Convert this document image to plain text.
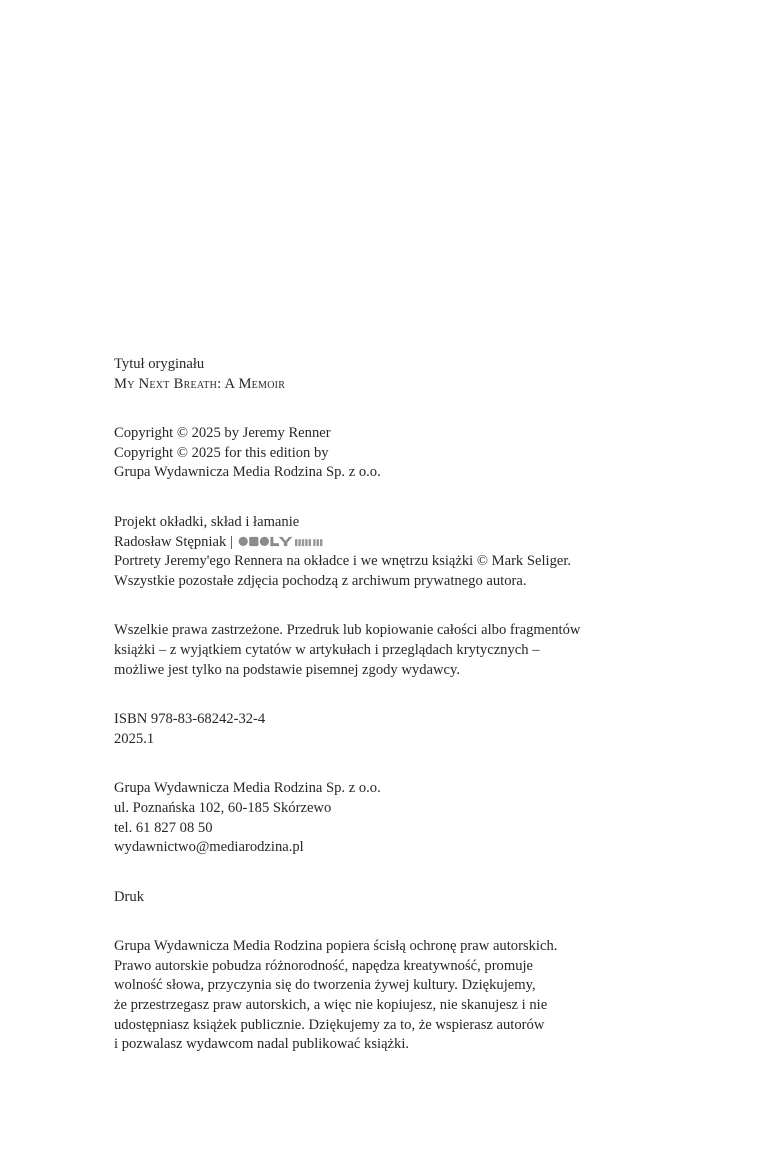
Tytuł oryginału
My Next Breath: A Memoir
Copyright © 2025 by Jeremy Renner
Copyright © 2025 for this edition by
Grupa Wydawnicza Media Rodzina Sp. z o.o.
Projekt okładki, skład i łamanie
Radosław Stępniak |
Portrety Jeremy'ego Rennera na okładce i we wnętrzu książki © Mark Seliger.
Wszystkie pozostałe zdjęcia pochodzą z archiwum prywatnego autora.
Wszelkie prawa zastrzeżone. Przedruk lub kopiowanie całości albo fragmentów
książki – z wyjątkiem cytatów w artykułach i przeglądach krytycznych –
możliwe jest tylko na podstawie pisemnej zgody wydawcy.
ISBN 978-83-68242-32-4
2025.1
Grupa Wydawnicza Media Rodzina Sp. z o.o.
ul. Poznańska 102, 60-185 Skórzewo
tel. 61 827 08 50
wydawnictwo@mediarodzina.pl
Druk
Grupa Wydawnicza Media Rodzina popiera ścisłą ochronę praw autorskich.
Prawo autorskie pobudza różnorodność, napędza kreatywność, promuje
wolność słowa, przyczynia się do tworzenia żywej kultury. Dziękujemy,
że przestrzegasz praw autorskich, a więc nie kopiujesz, nie skanujesz i nie
udostępniasz książek publicznie. Dziękujemy za to, że wspierasz autorów
i pozwalasz wydawcom nadal publikować książki.
